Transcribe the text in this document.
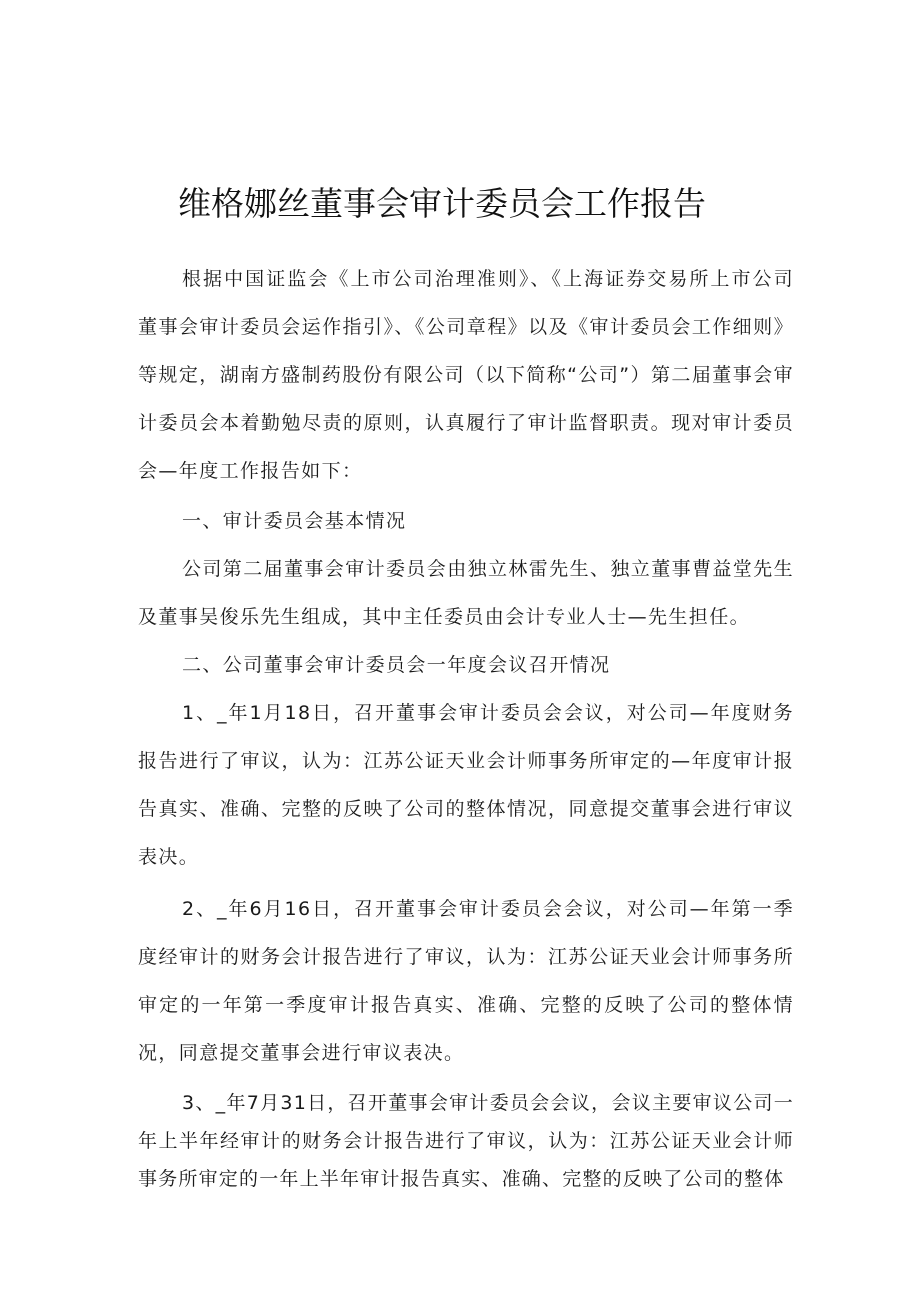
维格娜丝董事会审计委员会工作报告

根据中国证监会《上市公司治理准则》、《上海证券交易所上市公司董事会审计委员会运作指引》、《公司章程》以及《审计委员会工作细则》等规定，湖南方盛制药股份有限公司（以下简称“公司”）第二届董事会审计委员会本着勤勉尽责的原则，认真履行了审计监督职责。现对审计委员会—年度工作报告如下：

一、审计委员会基本情况

公司第二届董事会审计委员会由独立林雷先生、独立董事曹益堂先生及董事吴俊乐先生组成，其中主任委员由会计专业人士—先生担任。

二、公司董事会审计委员会一年度会议召开情况

1、_年1月18日，召开董事会审计委员会会议，对公司—年度财务报告进行了审议，认为：江苏公证天业会计师事务所审定的—年度审计报告真实、准确、完整的反映了公司的整体情况，同意提交董事会进行审议表决。

2、_年6月16日，召开董事会审计委员会会议，对公司—年第一季度经审计的财务会计报告进行了审议，认为：江苏公证天业会计师事务所审定的一年第一季度审计报告真实、准确、完整的反映了公司的整体情况，同意提交董事会进行审议表决。

3、_年7月31日，召开董事会审计委员会会议，会议主要审议公司一年上半年经审计的财务会计报告进行了审议，认为：江苏公证天业会计师事务所审定的一年上半年审计报告真实、准确、完整的反映了公司的整体
